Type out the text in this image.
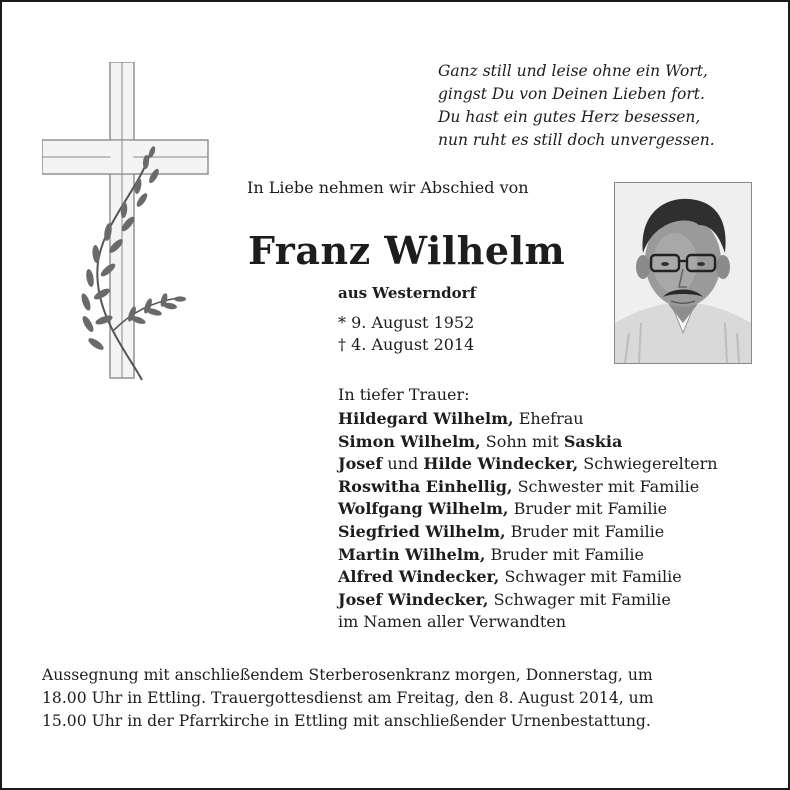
Ganz still und leise ohne ein Wort,
gingst Du von Deinen Lieben fort.
Du hast ein gutes Herz besessen,
nun ruht es still doch unvergessen.
In Liebe nehmen wir Abschied von
Franz Wilhelm
aus Westerndorf
* 9. August 1952
† 4. August 2014
In tiefer Trauer:
Hildegard Wilhelm, Ehefrau
Simon Wilhelm, Sohn mit Saskia
Josef und Hilde Windecker, Schwiegereltern
Roswitha Einhellig, Schwester mit Familie
Wolfgang Wilhelm, Bruder mit Familie
Siegfried Wilhelm, Bruder mit Familie
Martin Wilhelm, Bruder mit Familie
Alfred Windecker, Schwager mit Familie
Josef Windecker, Schwager mit Familie
im Namen aller Verwandten
Aussegnung mit anschließendem Sterberosenkranz morgen, Donnerstag, um
18.00 Uhr in Ettling. Trauergottesdienst am Freitag, den 8. August 2014, um
15.00 Uhr in der Pfarrkirche in Ettling mit anschließender Urnenbestattung.
